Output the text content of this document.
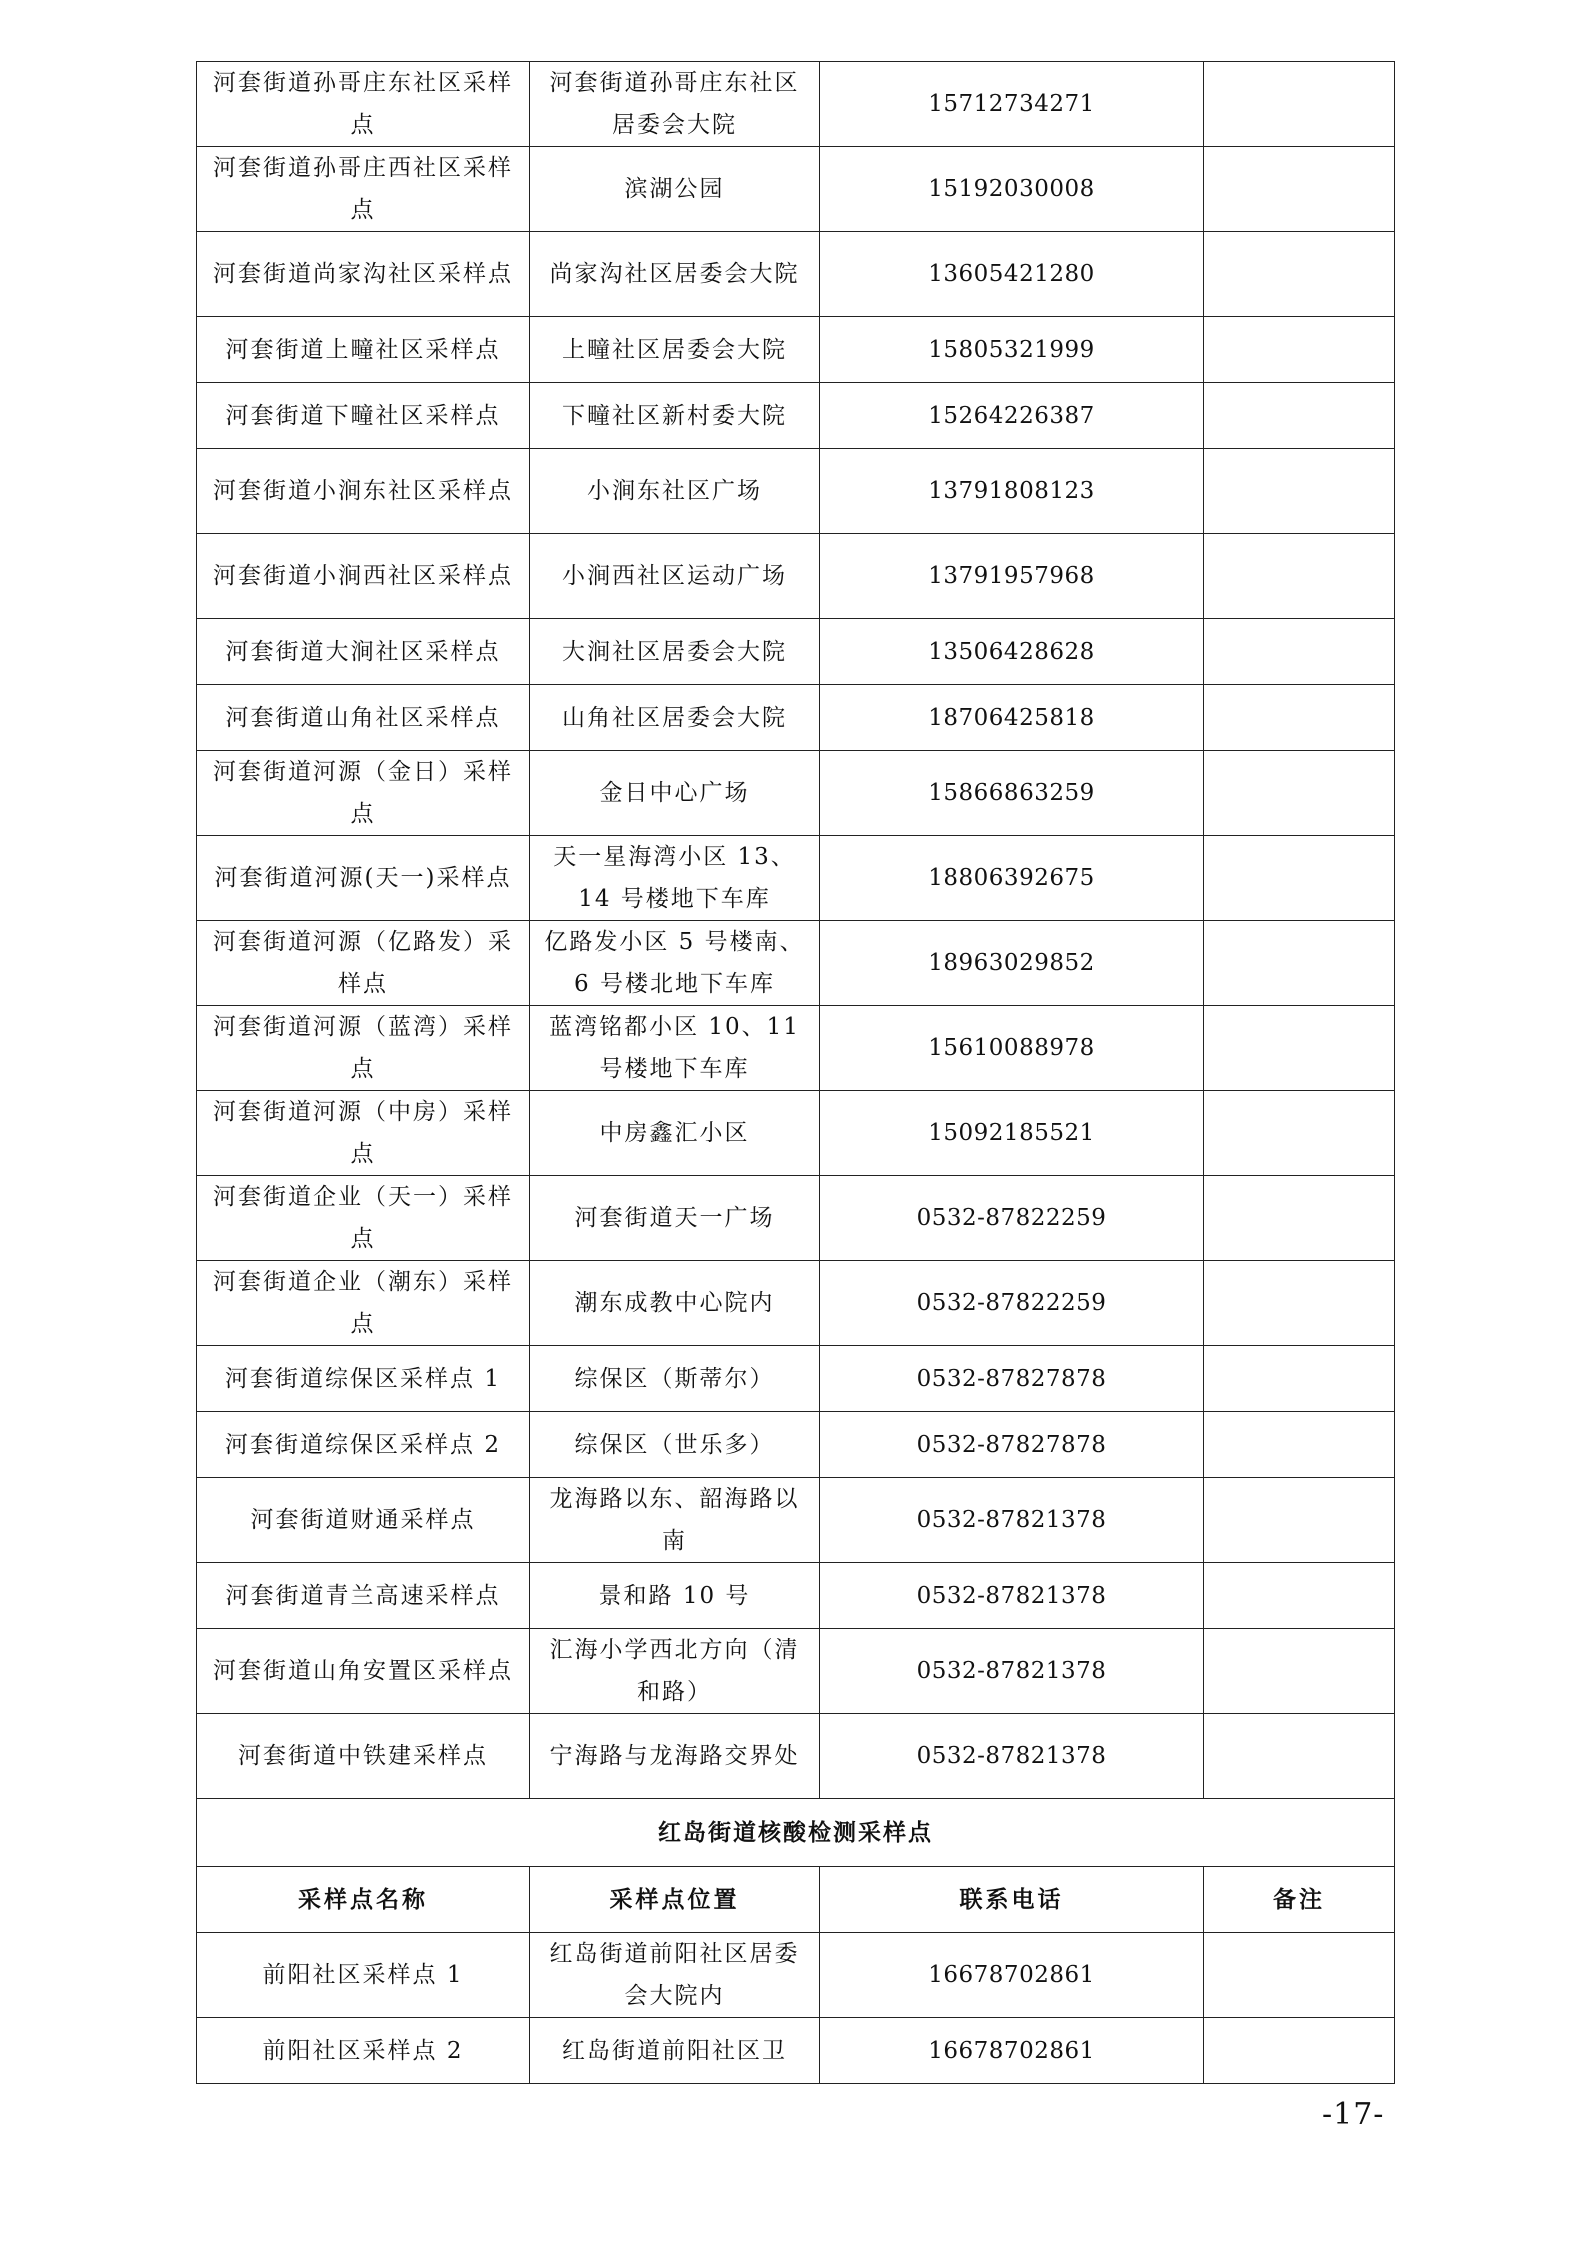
河套街道孙哥庄东社区采样点	河套街道孙哥庄东社区居委会大院	15712734271	
河套街道孙哥庄西社区采样点	滨湖公园	15192030008	
河套街道尚家沟社区采样点	尚家沟社区居委会大院	13605421280	
河套街道上疃社区采样点	上疃社区居委会大院	15805321999	
河套街道下疃社区采样点	下疃社区新村委大院	15264226387	
河套街道小涧东社区采样点	小涧东社区广场	13791808123	
河套街道小涧西社区采样点	小涧西社区运动广场	13791957968	
河套街道大涧社区采样点	大涧社区居委会大院	13506428628	
河套街道山角社区采样点	山角社区居委会大院	18706425818	
河套街道河源（金日）采样点	金日中心广场	15866863259	
河套街道河源(天一)采样点	天一星海湾小区 13、14 号楼地下车库	18806392675	
河套街道河源（亿路发）采样点	亿路发小区 5 号楼南、6 号楼北地下车库	18963029852	
河套街道河源（蓝湾）采样点	蓝湾铭都小区 10、11 号楼地下车库	15610088978	
河套街道河源（中房）采样点	中房鑫汇小区	15092185521	
河套街道企业（天一）采样点	河套街道天一广场	0532-87822259	
河套街道企业（潮东）采样点	潮东成教中心院内	0532-87822259	
河套街道综保区采样点 1	综保区（斯蒂尔）	0532-87827878	
河套街道综保区采样点 2	综保区（世乐多）	0532-87827878	
河套街道财通采样点	龙海路以东、韶海路以南	0532-87821378	
河套街道青兰高速采样点	景和路 10 号	0532-87821378	
河套街道山角安置区采样点	汇海小学西北方向（清和路）	0532-87821378	
河套街道中铁建采样点	宁海路与龙海路交界处	0532-87821378	
红岛街道核酸检测采样点			
采样点名称	采样点位置	联系电话	备注
前阳社区采样点 1	红岛街道前阳社区居委会大院内	16678702861	
前阳社区采样点 2	红岛街道前阳社区卫	16678702861	
-17-
